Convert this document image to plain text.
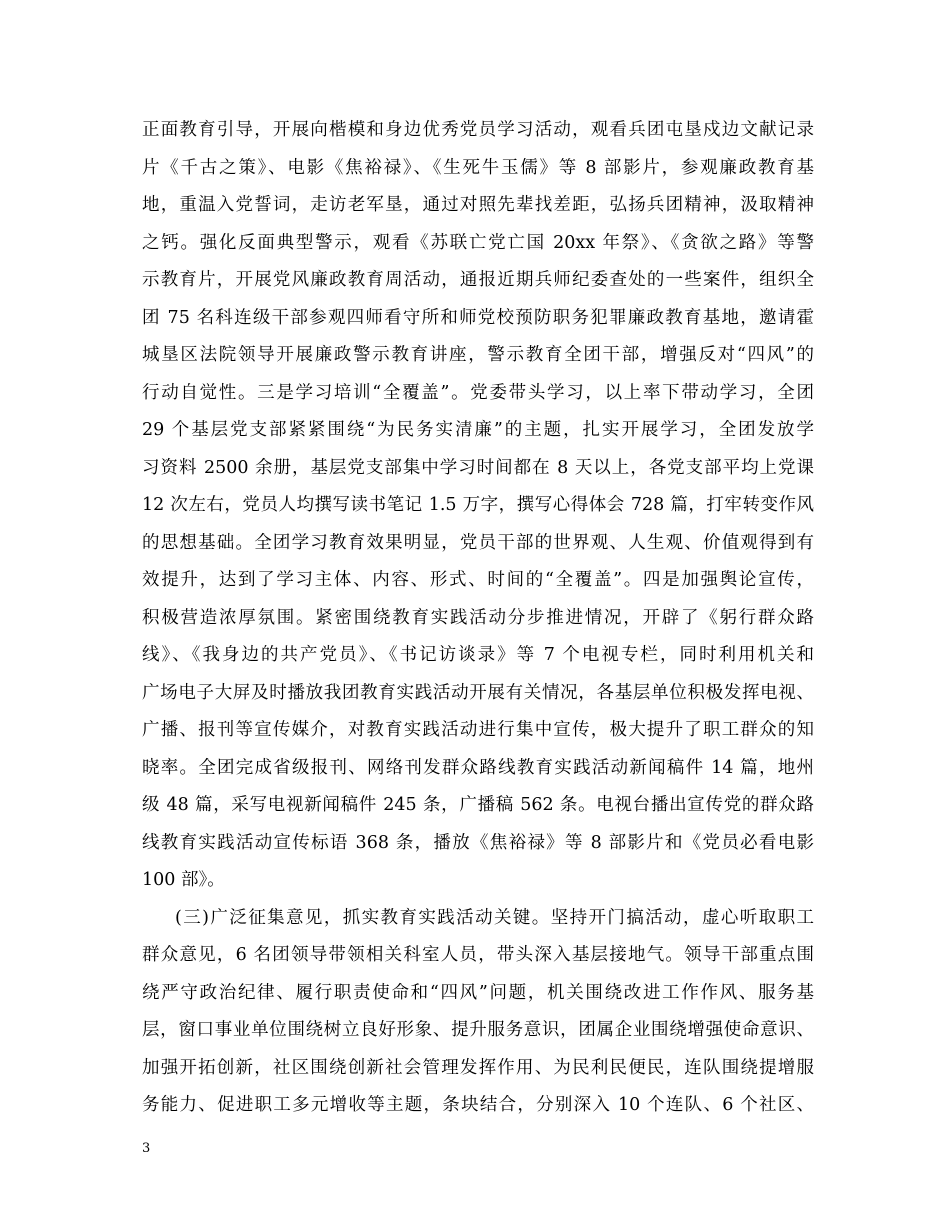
正面教育引导，开展向楷模和身边优秀党员学习活动，观看兵团屯垦戍边文献记录
片《千古之策》、电影《焦裕禄》、《生死牛玉儒》等 8 部影片，参观廉政教育基
地，重温入党誓词，走访老军垦，通过对照先辈找差距，弘扬兵团精神，汲取精神
之钙。强化反面典型警示，观看《苏联亡党亡国 20xx 年祭》、《贪欲之路》等警
示教育片，开展党风廉政教育周活动，通报近期兵师纪委查处的一些案件，组织全
团 75 名科连级干部参观四师看守所和师党校预防职务犯罪廉政教育基地，邀请霍
城垦区法院领导开展廉政警示教育讲座，警示教育全团干部，增强反对“四风”的
行动自觉性。三是学习培训“全覆盖”。党委带头学习，以上率下带动学习，全团
29 个基层党支部紧紧围绕“为民务实清廉”的主题，扎实开展学习，全团发放学
习资料 2500 余册，基层党支部集中学习时间都在 8 天以上，各党支部平均上党课
12 次左右，党员人均撰写读书笔记 1.5 万字，撰写心得体会 728 篇，打牢转变作风
的思想基础。全团学习教育效果明显，党员干部的世界观、人生观、价值观得到有
效提升，达到了学习主体、内容、形式、时间的“全覆盖”。四是加强舆论宣传，
积极营造浓厚氛围。紧密围绕教育实践活动分步推进情况，开辟了《躬行群众路
线》、《我身边的共产党员》、《书记访谈录》等 7 个电视专栏，同时利用机关和
广场电子大屏及时播放我团教育实践活动开展有关情况，各基层单位积极发挥电视、
广播、报刊等宣传媒介，对教育实践活动进行集中宣传，极大提升了职工群众的知
晓率。全团完成省级报刊、网络刊发群众路线教育实践活动新闻稿件 14 篇，地州
级 48 篇，采写电视新闻稿件 245 条，广播稿 562 条。电视台播出宣传党的群众路
线教育实践活动宣传标语 368 条，播放《焦裕禄》等 8 部影片和《党员必看电影
100 部》。
(三)广泛征集意见，抓实教育实践活动关键。坚持开门搞活动，虚心听取职工
群众意见，6 名团领导带领相关科室人员，带头深入基层接地气。领导干部重点围
绕严守政治纪律、履行职责使命和“四风”问题，机关围绕改进工作作风、服务基
层，窗口事业单位围绕树立良好形象、提升服务意识，团属企业围绕增强使命意识、
加强开拓创新，社区围绕创新社会管理发挥作用、为民利民便民，连队围绕提增服
务能力、促进职工多元增收等主题，条块结合，分别深入 10 个连队、6 个社区、
3
